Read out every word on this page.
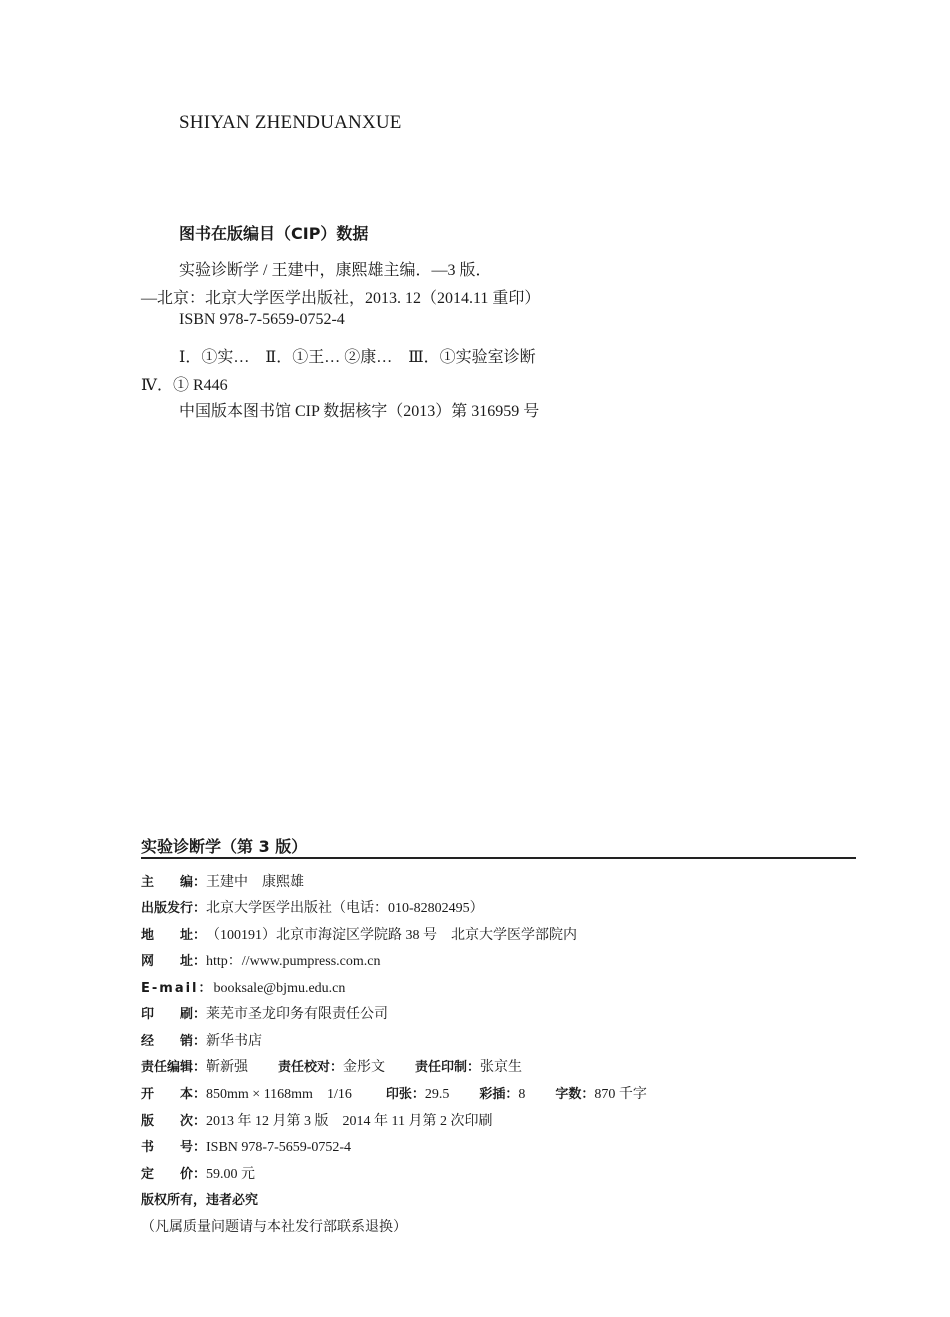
SHIYAN ZHENDUANXUE
图书在版编目（CIP）数据
实验诊断学 / 王建中，康熙雄主编．—3 版．
—北京：北京大学医学出版社，2013. 12（2014.11 重印）
ISBN 978-7-5659-0752-4
Ⅰ．①实…　Ⅱ．①王… ②康…　Ⅲ．①实验室诊断
Ⅳ．① R446
中国版本图书馆 CIP 数据核字（2013）第 316959 号
实验诊断学（第 3 版）
主　　编：王建中　康熙雄
出版发行：北京大学医学出版社（电话：010-82802495）
地　　址：（100191）北京市海淀区学院路 38 号　北京大学医学部院内
网　　址：http：//www.pumpress.com.cn
E-mail：booksale@bjmu.edu.cn
印　　刷：莱芜市圣龙印务有限责任公司
经　　销：新华书店
责任编辑：靳新强 责任校对：金彤文 责任印制：张京生
开　　本：850mm × 1168mm　1/16	印张：29.5 彩插：8 字数：870 千字
版　　次：2013 年 12 月第 3 版　2014 年 11 月第 2 次印刷
书　　号：ISBN 978-7-5659-0752-4
定　　价：59.00 元
版权所有，违者必究
（凡属质量问题请与本社发行部联系退换）
